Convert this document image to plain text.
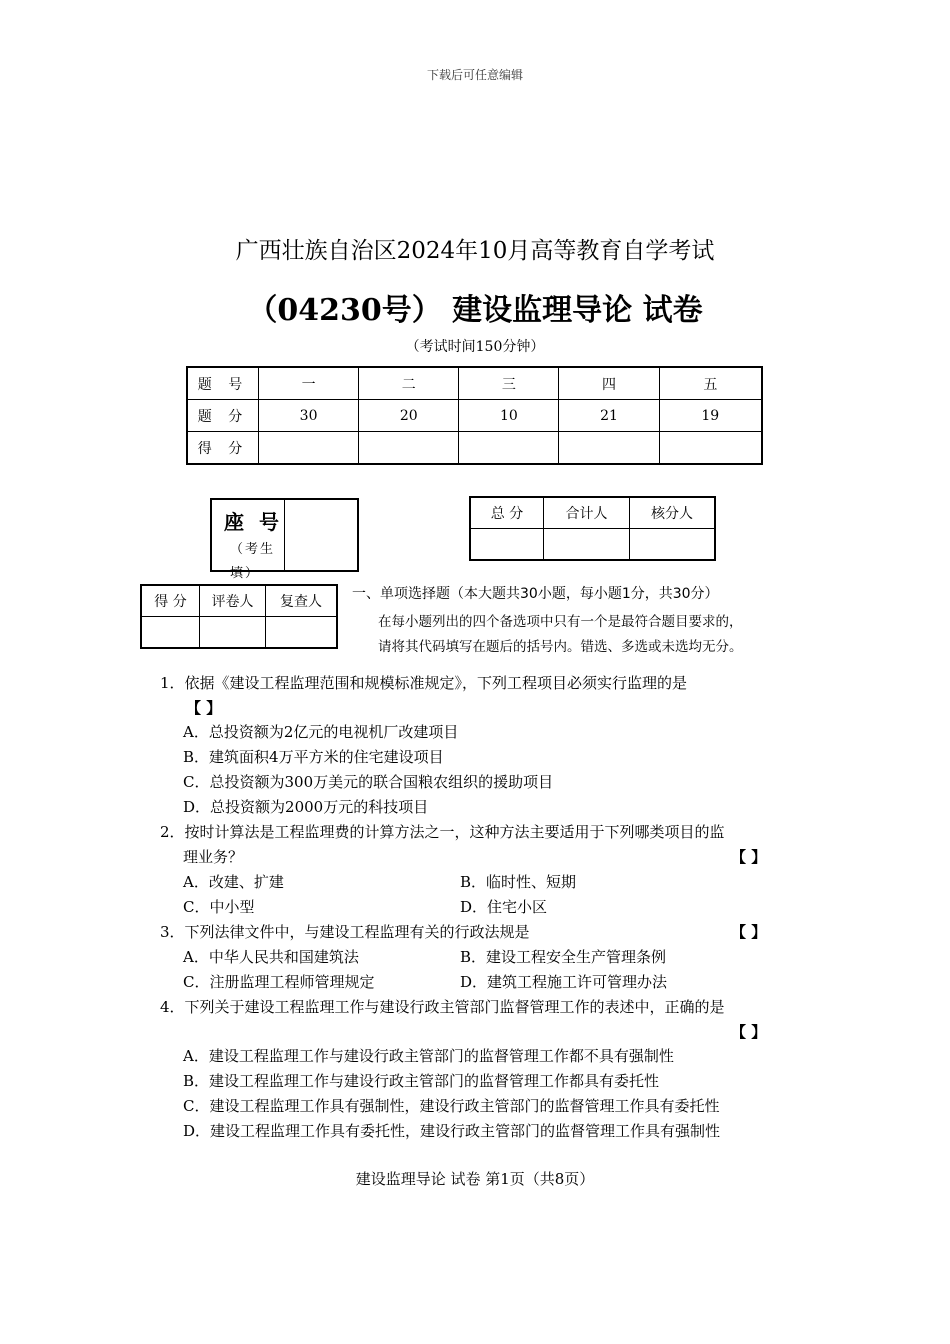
下载后可任意编辑
广西壮族自治区2024年10月高等教育自学考试
（04230号） 建设监理导论 试卷
（考试时间150分钟）
题 号	一	二	三	四	五
题 分	30	20	10	21	19
得 分					
座 号
（考生填）
总 分	合计人	核分人

得 分	评卷人	复查人
		一、单项选择题（本大题共30小题，每小题1分，共30分）
在每小题列出的四个备选项中只有一个是最符合题目要求的，
请将其代码填写在题后的括号内。错选、多选或未选均无分。
1．依据《建设工程监理范围和规模标准规定》，下列工程项目必须实行监理的是
【 】
A．总投资额为2亿元的电视机厂改建项目
B．建筑面积4万平方米的住宅建设项目
C．总投资额为300万美元的联合国粮农组织的援助项目
D．总投资额为2000万元的科技项目
2．按时计算法是工程监理费的计算方法之一，这种方法主要适用于下列哪类项目的监
理业务？	【 】
A．改建、扩建	B．临时性、短期
C．中小型	D．住宅小区
3．下列法律文件中，与建设工程监理有关的行政法规是	【 】
A．中华人民共和国建筑法	B．建设工程安全生产管理条例
C．注册监理工程师管理规定	D．建筑工程施工许可管理办法
4．下列关于建设工程监理工作与建设行政主管部门监督管理工作的表述中，正确的是
【 】
A．建设工程监理工作与建设行政主管部门的监督管理工作都不具有强制性
B．建设工程监理工作与建设行政主管部门的监督管理工作都具有委托性
C．建设工程监理工作具有强制性，建设行政主管部门的监督管理工作具有委托性
D．建设工程监理工作具有委托性，建设行政主管部门的监督管理工作具有强制性
建设监理导论 试卷 第1页（共8页）
